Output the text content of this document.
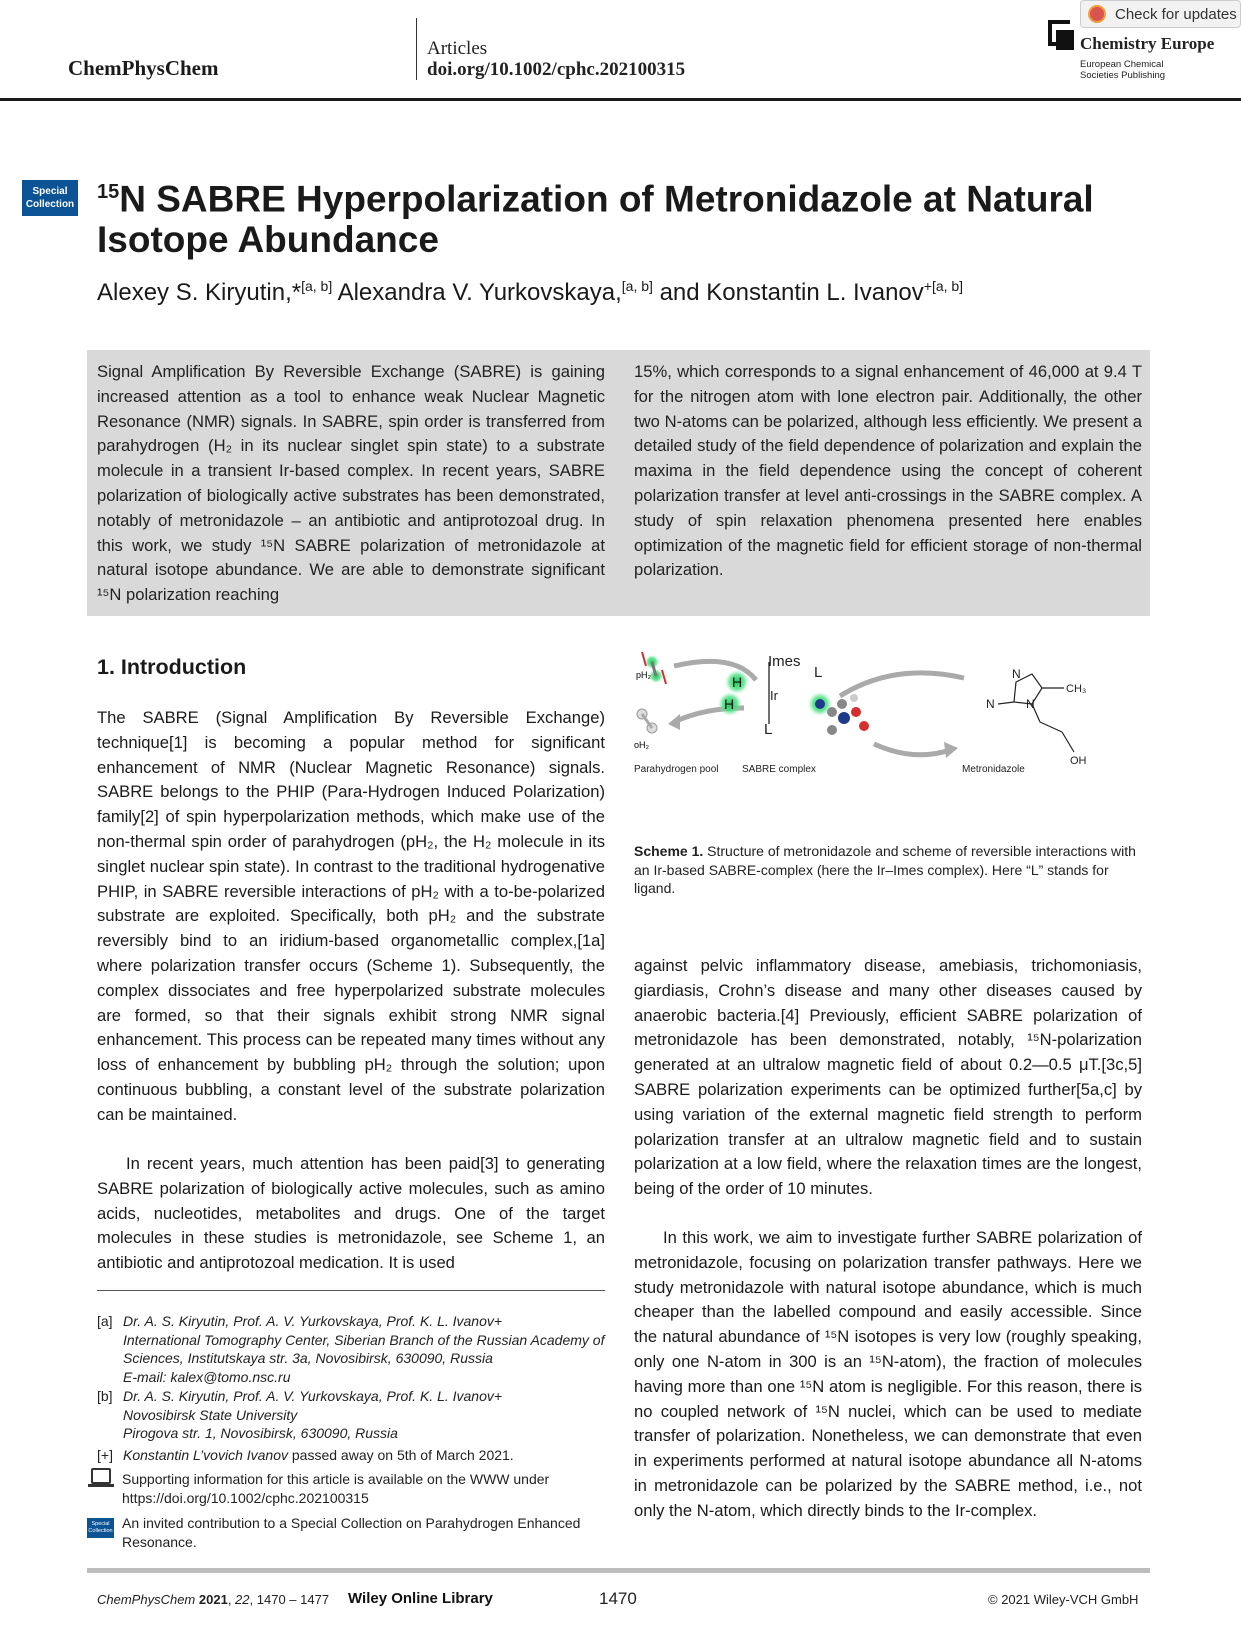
ChemPhysChem
Articles
doi.org/10.1002/cphc.202100315
Chemistry Europe
European Chemical
Societies Publishing
Check for updates
Special
Collection
$^{15}$N SABRE Hyperpolarization of Metronidazole at Natural Isotope Abundance
Alexey S. Kiryutin,*[a, b] Alexandra V. Yurkovskaya,[a, b] and Konstantin L. Ivanov$^{+[a, b]}$
Signal Amplification By Reversible Exchange (SABRE) is gaining increased attention as a tool to enhance weak Nuclear Magnetic Resonance (NMR) signals. In SABRE, spin order is transferred from parahydrogen (H₂ in its nuclear singlet spin state) to a substrate molecule in a transient Ir-based complex. In recent years, SABRE polarization of biologically active substrates has been demonstrated, notably of metronidazole – an antibiotic and antiprotozoal drug. In this work, we study ¹⁵N SABRE polarization of metronidazole at natural isotope abundance. We are able to demonstrate significant ¹⁵N polarization reaching
15%, which corresponds to a signal enhancement of 46,000 at 9.4 T for the nitrogen atom with lone electron pair. Additionally, the other two N-atoms can be polarized, although less efficiently. We present a detailed study of the field dependence of polarization and explain the maxima in the field dependence using the concept of coherent polarization transfer at level anti-crossings in the SABRE complex. A study of spin relaxation phenomena presented here enables optimization of the magnetic field for efficient storage of non-thermal polarization.
1. Introduction
The SABRE (Signal Amplification By Reversible Exchange) technique[1] is becoming a popular method for significant enhancement of NMR (Nuclear Magnetic Resonance) signals. SABRE belongs to the PHIP (Para-Hydrogen Induced Polarization) family[2] of spin hyperpolarization methods, which make use of the non-thermal spin order of parahydrogen (pH₂, the H₂ molecule in its singlet nuclear spin state). In contrast to the traditional hydrogenative PHIP, in SABRE reversible interactions of pH₂ with a to-be-polarized substrate are exploited. Specifically, both pH₂ and the substrate reversibly bind to an iridium-based organometallic complex,[1a] where polarization transfer occurs (Scheme 1). Subsequently, the complex dissociates and free hyperpolarized substrate molecules are formed, so that their signals exhibit strong NMR signal enhancement. This process can be repeated many times without any loss of enhancement by bubbling pH₂ through the solution; upon continuous bubbling, a constant level of the substrate polarization can be maintained.
In recent years, much attention has been paid[3] to generating SABRE polarization of biologically active molecules, such as amino acids, nucleotides, metabolites and drugs. One of the target molecules in these studies is metronidazole, see Scheme 1, an antibiotic and antiprotozoal medication. It is used
against pelvic inflammatory disease, amebiasis, trichomoniasis, giardiasis, Crohn’s disease and many other diseases caused by anaerobic bacteria.[4] Previously, efficient SABRE polarization of metronidazole has been demonstrated, notably, ¹⁵N-polarization generated at an ultralow magnetic field of about 0.2—0.5 μT.[3c,5] SABRE polarization experiments can be optimized further[5a,c] by using variation of the external magnetic field strength to perform polarization transfer at an ultralow magnetic field and to sustain polarization at a low field, where the relaxation times are the longest, being of the order of 10 minutes.
In this work, we aim to investigate further SABRE polarization of metronidazole, focusing on polarization transfer pathways. Here we study metronidazole with natural isotope abundance, which is much cheaper than the labelled compound and easily accessible. Since the natural abundance of ¹⁵N isotopes is very low (roughly speaking, only one N-atom in 300 is an ¹⁵N-atom), the fraction of molecules having more than one ¹⁵N atom is negligible. For this reason, there is no coupled network of ¹⁵N nuclei, which can be used to mediate transfer of polarization. Nonetheless, we can demonstrate that even in experiments performed at natural isotope abundance all N-atoms in metronidazole can be polarized by the SABRE method, i.e., not only the N-atom, which directly binds to the Ir-complex.
pH₂
oH₂
H
H
Imes
Ir
L
L
N
N
N
CH₃
OH
Parahydrogen pool SABRE complex	Metronidazole
Scheme 1. Structure of metronidazole and scheme of reversible interactions with an Ir-based SABRE-complex (here the Ir–Imes complex). Here “L” stands for ligand.
[a] Dr. A. S. Kiryutin, Prof. A. V. Yurkovskaya, Prof. K. L. Ivanov+
International Tomography Center, Siberian Branch of the Russian Academy of Sciences, Institutskaya str. 3a, Novosibirsk, 630090, Russia
E-mail: kalex@tomo.nsc.ru
[b] Dr. A. S. Kiryutin, Prof. A. V. Yurkovskaya, Prof. K. L. Ivanov+
Novosibirsk State University
Pirogova str. 1, Novosibirsk, 630090, Russia
[+] Konstantin L’vovich Ivanov passed away on 5th of March 2021.
Supporting information for this article is available on the WWW under https://doi.org/10.1002/cphc.202100315
Special Collection An invited contribution to a Special Collection on Parahydrogen Enhanced Resonance.
ChemPhysChem 2021, 22, 1470 – 1477 Wiley Online Library	1470	© 2021 Wiley-VCH GmbH
